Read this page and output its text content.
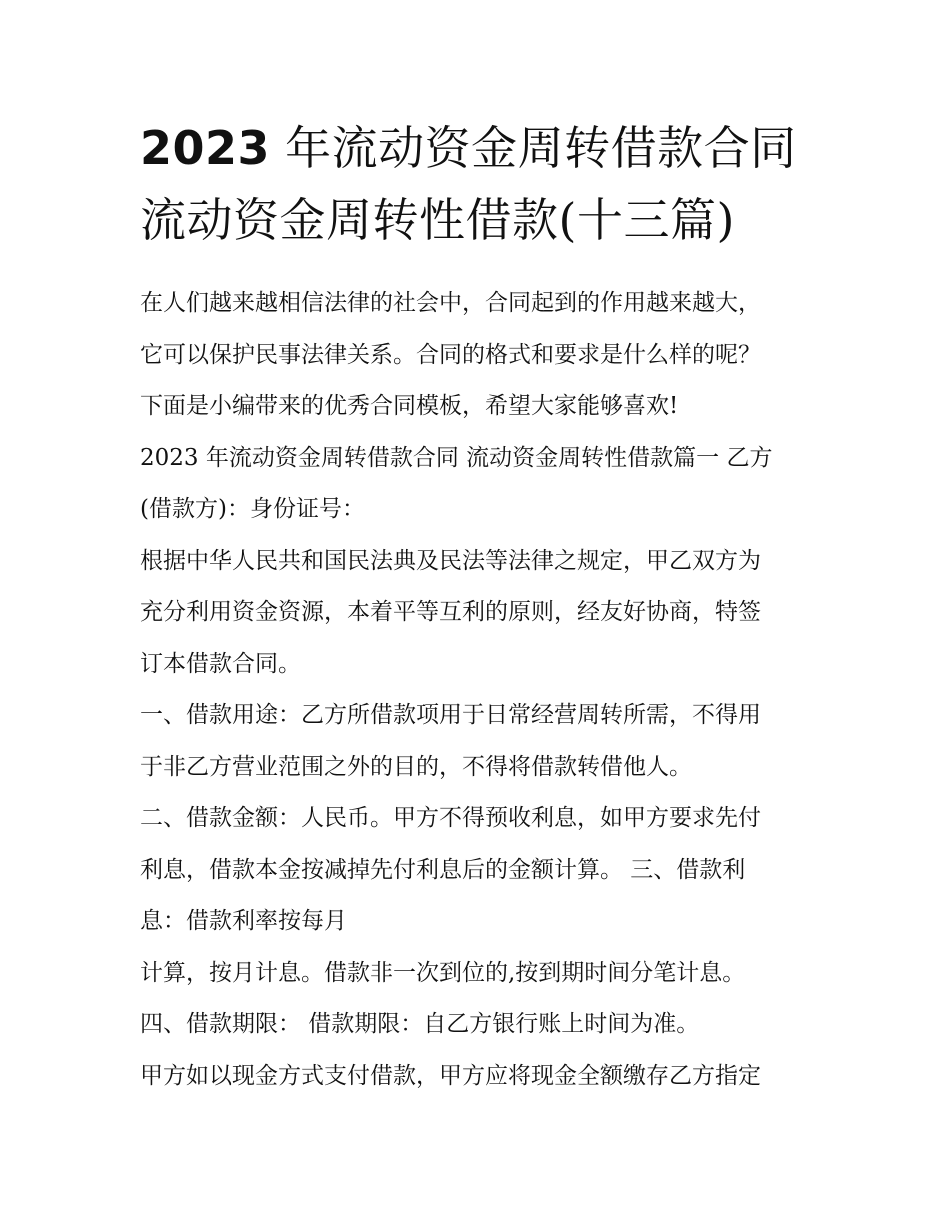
2023 年流动资金周转借款合同
流动资金周转性借款(十三篇)
在人们越来越相信法律的社会中，合同起到的作用越来越大，
它可以保护民事法律关系。合同的格式和要求是什么样的呢？
下面是小编带来的优秀合同模板，希望大家能够喜欢!
2023 年流动资金周转借款合同 流动资金周转性借款篇一 乙方
(借款方)：身份证号：
根据中华人民共和国民法典及民法等法律之规定，甲乙双方为
充分利用资金资源，本着平等互利的原则，经友好协商，特签
订本借款合同。
一、借款用途：乙方所借款项用于日常经营周转所需，不得用
于非乙方营业范围之外的目的，不得将借款转借他人。
二、借款金额：人民币。甲方不得预收利息，如甲方要求先付
利息，借款本金按减掉先付利息后的金额计算。 三、借款利
息：借款利率按每月
计算，按月计息。借款非一次到位的,按到期时间分笔计息。
四、借款期限： 借款期限：自乙方银行账上时间为准。
甲方如以现金方式支付借款，甲方应将现金全额缴存乙方指定
